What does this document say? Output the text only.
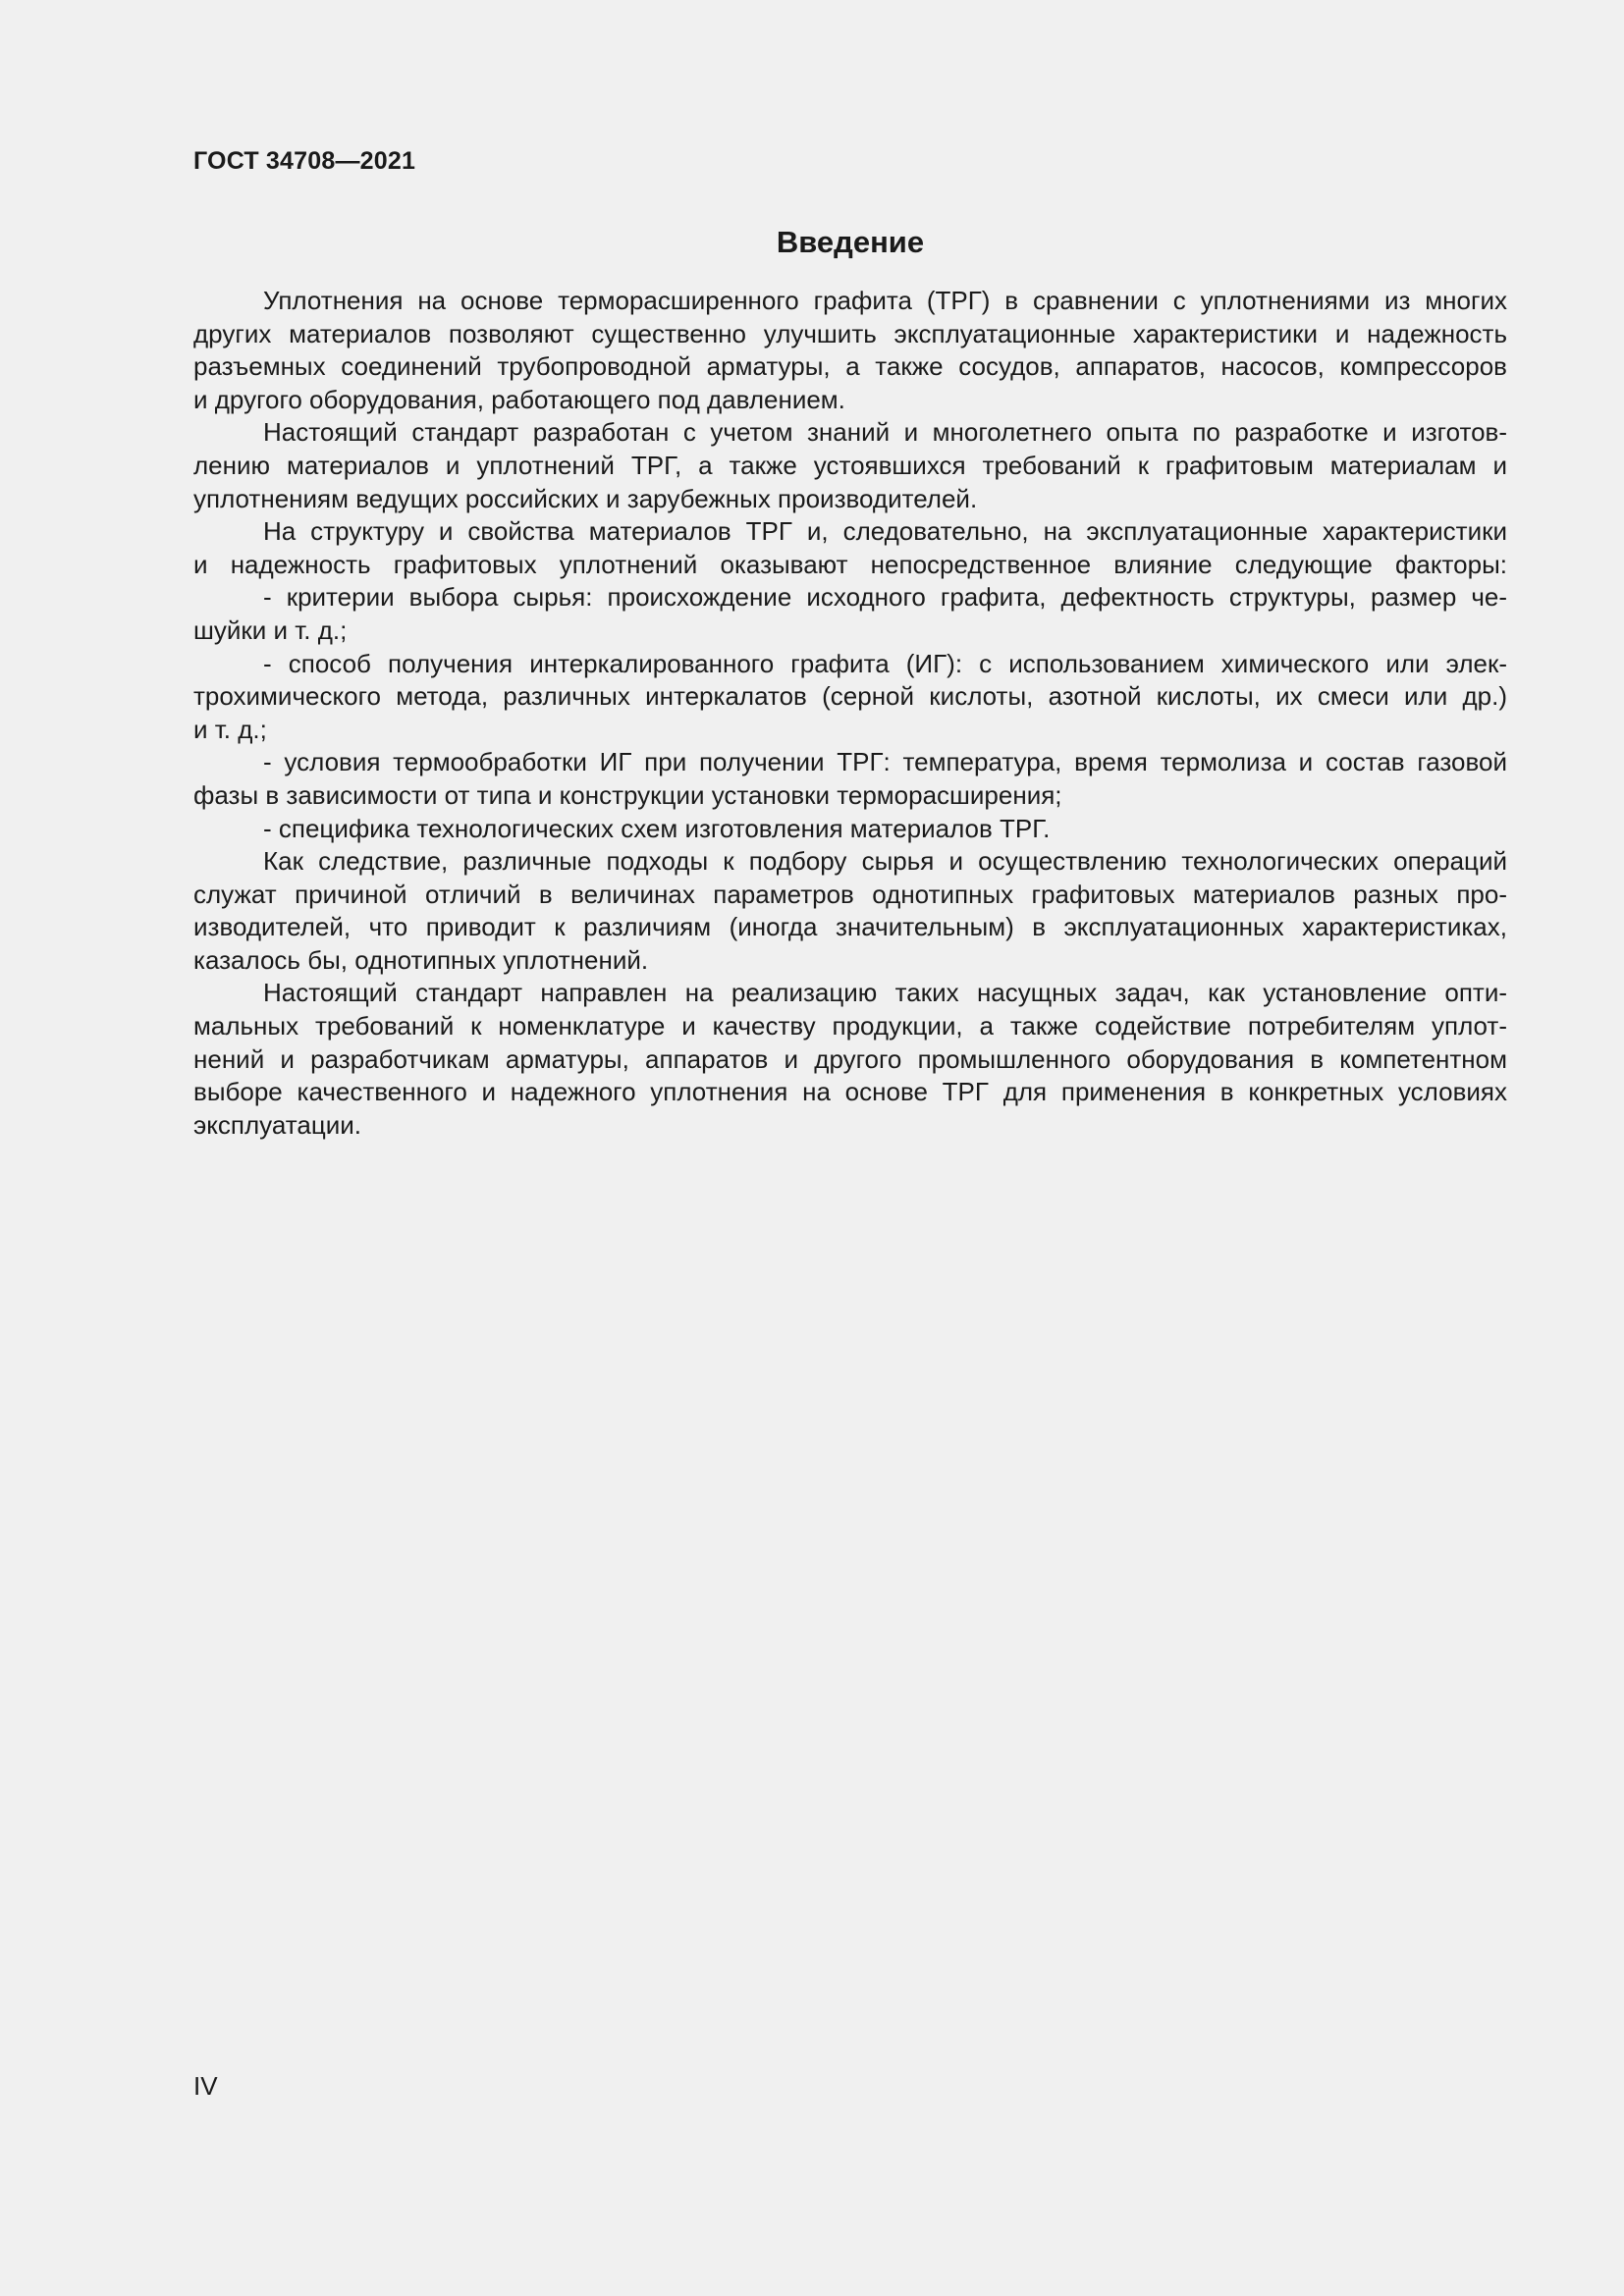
ГОСТ 34708—2021
Введение
Уплотнения на основе терморасширенного графита (ТРГ) в сравнении с уплотнениями из многих
других материалов позволяют существенно улучшить эксплуатационные характеристики и надежность
разъемных соединений трубопроводной арматуры, а также сосудов, аппаратов, насосов, компрессоров
и другого оборудования, работающего под давлением.
Настоящий стандарт разработан с учетом знаний и многолетнего опыта по разработке и изготов-
лению материалов и уплотнений ТРГ, а также устоявшихся требований к графитовым материалам и
уплотнениям ведущих российских и зарубежных производителей.
На структуру и свойства материалов ТРГ и, следовательно, на эксплуатационные характеристики
и надежность графитовых уплотнений оказывают непосредственное влияние следующие факторы:
- критерии выбора сырья: происхождение исходного графита, дефектность структуры, размер че-
шуйки и т. д.;
- способ получения интеркалированного графита (ИГ): с использованием химического или элек-
трохимического метода, различных интеркалатов (серной кислоты, азотной кислоты, их смеси или др.)
и т. д.;
- условия термообработки ИГ при получении ТРГ: температура, время термолиза и состав газовой
фазы в зависимости от типа и конструкции установки терморасширения;
- специфика технологических схем изготовления материалов ТРГ.
Как следствие, различные подходы к подбору сырья и осуществлению технологических операций
служат причиной отличий в величинах параметров однотипных графитовых материалов разных про-
изводителей, что приводит к различиям (иногда значительным) в эксплуатационных характеристиках,
казалось бы, однотипных уплотнений.
Настоящий стандарт направлен на реализацию таких насущных задач, как установление опти-
мальных требований к номенклатуре и качеству продукции, а также содействие потребителям уплот-
нений и разработчикам арматуры, аппаратов и другого промышленного оборудования в компетентном
выборе качественного и надежного уплотнения на основе ТРГ для применения в конкретных условиях
эксплуатации.
IV
